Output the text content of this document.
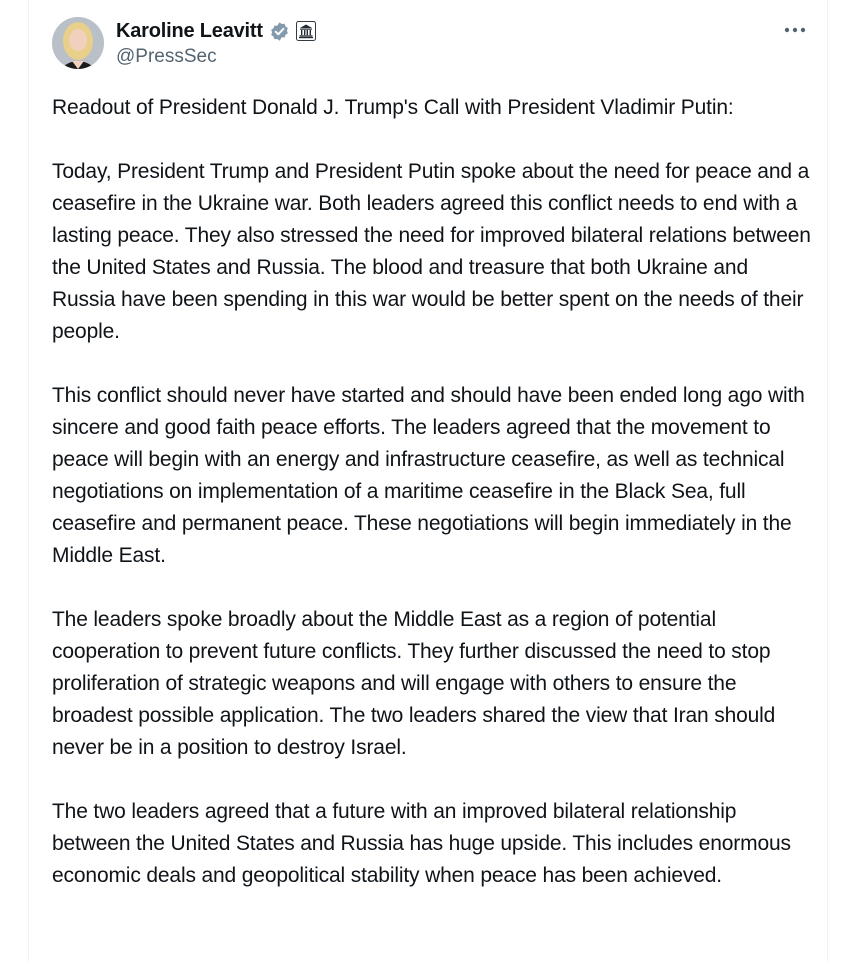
Karoline Leavitt
@PressSec

Readout of President Donald J. Trump's Call with President Vladimir Putin:

Today, President Trump and President Putin spoke about the need for peace and a ceasefire in the Ukraine war. Both leaders agreed this conflict needs to end with a lasting peace. They also stressed the need for improved bilateral relations between the United States and Russia. The blood and treasure that both Ukraine and Russia have been spending in this war would be better spent on the needs of their people.

This conflict should never have started and should have been ended long ago with sincere and good faith peace efforts. The leaders agreed that the movement to peace will begin with an energy and infrastructure ceasefire, as well as technical negotiations on implementation of a maritime ceasefire in the Black Sea, full ceasefire and permanent peace. These negotiations will begin immediately in the Middle East.

The leaders spoke broadly about the Middle East as a region of potential cooperation to prevent future conflicts. They further discussed the need to stop proliferation of strategic weapons and will engage with others to ensure the broadest possible application. The two leaders shared the view that Iran should never be in a position to destroy Israel.

The two leaders agreed that a future with an improved bilateral relationship between the United States and Russia has huge upside. This includes enormous economic deals and geopolitical stability when peace has been achieved.
